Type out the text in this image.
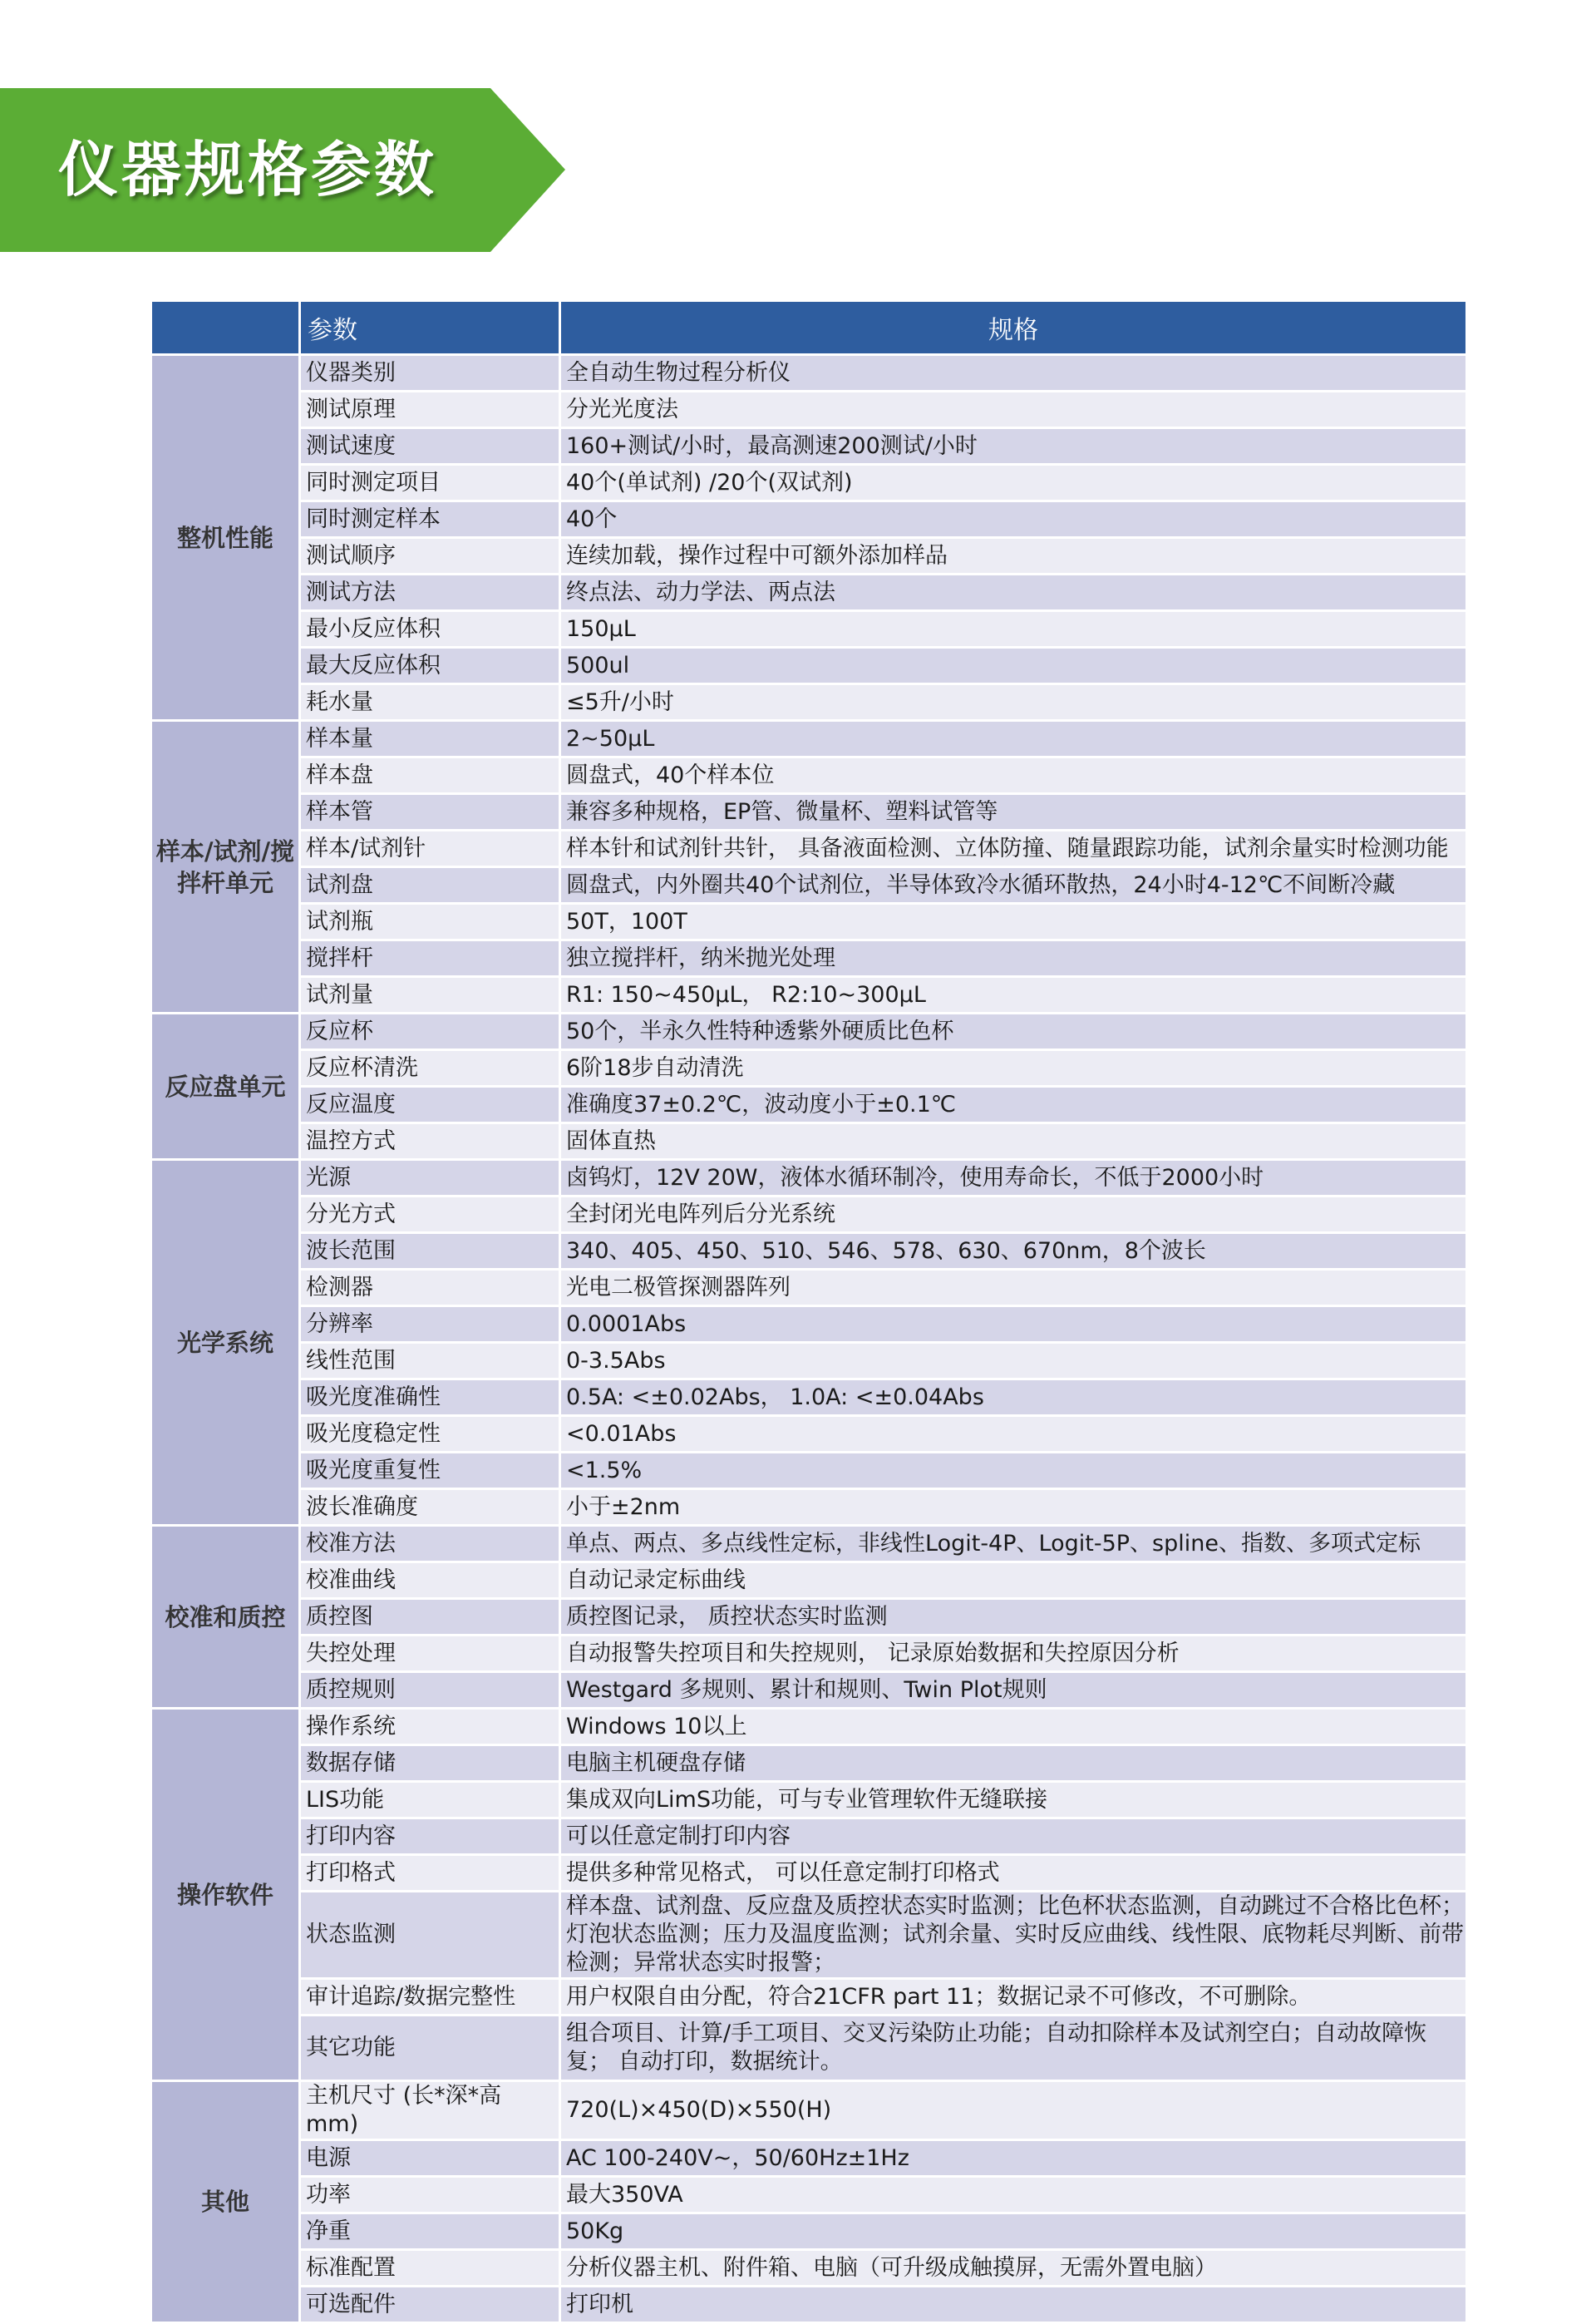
仪器规格参数
	参数	规格
整机性能	仪器类别	全自动生物过程分析仪
	测试原理	分光光度法
	测试速度	160+测试/小时，最高测速200测试/小时
	同时测定项目	40个(单试剂) /20个(双试剂)
	同时测定样本	40个
	测试顺序	连续加载，操作过程中可额外添加样品
	测试方法	终点法、动力学法、两点法
	最小反应体积	150μL
	最大反应体积	500ul
	耗水量	≤5升/小时
样本/试剂/搅拌杆单元	样本量	2~50μL
	样本盘	圆盘式，40个样本位
	样本管	兼容多种规格，EP管、微量杯、塑料试管等
	样本/试剂针	样本针和试剂针共针， 具备液面检测、立体防撞、随量跟踪功能，试剂余量实时检测功能
	试剂盘	圆盘式，内外圈共40个试剂位，半导体致冷水循环散热，24小时4-12℃不间断冷藏
	试剂瓶	50T，100T
	搅拌杆	独立搅拌杆，纳米抛光处理
	试剂量	R1: 150~450μL， R2:10~300μL
反应盘单元	反应杯	50个，半永久性特种透紫外硬质比色杯
	反应杯清洗	6阶18步自动清洗
	反应温度	准确度37±0.2℃，波动度小于±0.1℃
	温控方式	固体直热
光学系统	光源	卤钨灯，12V 20W，液体水循环制冷，使用寿命长，不低于2000小时
	分光方式	全封闭光电阵列后分光系统
	波长范围	340、405、450、510、546、578、630、670nm，8个波长
	检测器	光电二极管探测器阵列
	分辨率	0.0001Abs
	线性范围	0-3.5Abs
	吸光度准确性	0.5A: <±0.02Abs， 1.0A: <±0.04Abs
	吸光度稳定性	<0.01Abs
	吸光度重复性	<1.5%
	波长准确度	小于±2nm
校准和质控	校准方法	单点、两点、多点线性定标，非线性Logit-4P、Logit-5P、spline、指数、多项式定标
	校准曲线	自动记录定标曲线
	质控图	质控图记录， 质控状态实时监测
	失控处理	自动报警失控项目和失控规则， 记录原始数据和失控原因分析
	质控规则	Westgard 多规则、累计和规则、Twin Plot规则
操作软件	操作系统	Windows 10以上
	数据存储	电脑主机硬盘存储
	LIS功能	集成双向LimS功能，可与专业管理软件无缝联接
	打印内容	可以任意定制打印内容
	打印格式	提供多种常见格式， 可以任意定制打印格式
	状态监测	样本盘、试剂盘、反应盘及质控状态实时监测；比色杯状态监测，自动跳过不合格比色杯；灯泡状态监测；压力及温度监测；试剂余量、实时反应曲线、线性限、底物耗尽判断、前带检测；异常状态实时报警；
	审计追踪/数据完整性	用户权限自由分配，符合21CFR part 11；数据记录不可修改，不可删除。
	其它功能	组合项目、计算/手工项目、交叉污染防止功能；自动扣除样本及试剂空白；自动故障恢复； 自动打印，数据统计。
其他	主机尺寸 (长*深*高 mm)	720(L)×450(D)×550(H)
	电源	AC 100-240V~，50/60Hz±1Hz
	功率	最大350VA
	净重	50Kg
	标准配置	分析仪器主机、附件箱、电脑（可升级成触摸屏，无需外置电脑）
	可选配件	打印机
